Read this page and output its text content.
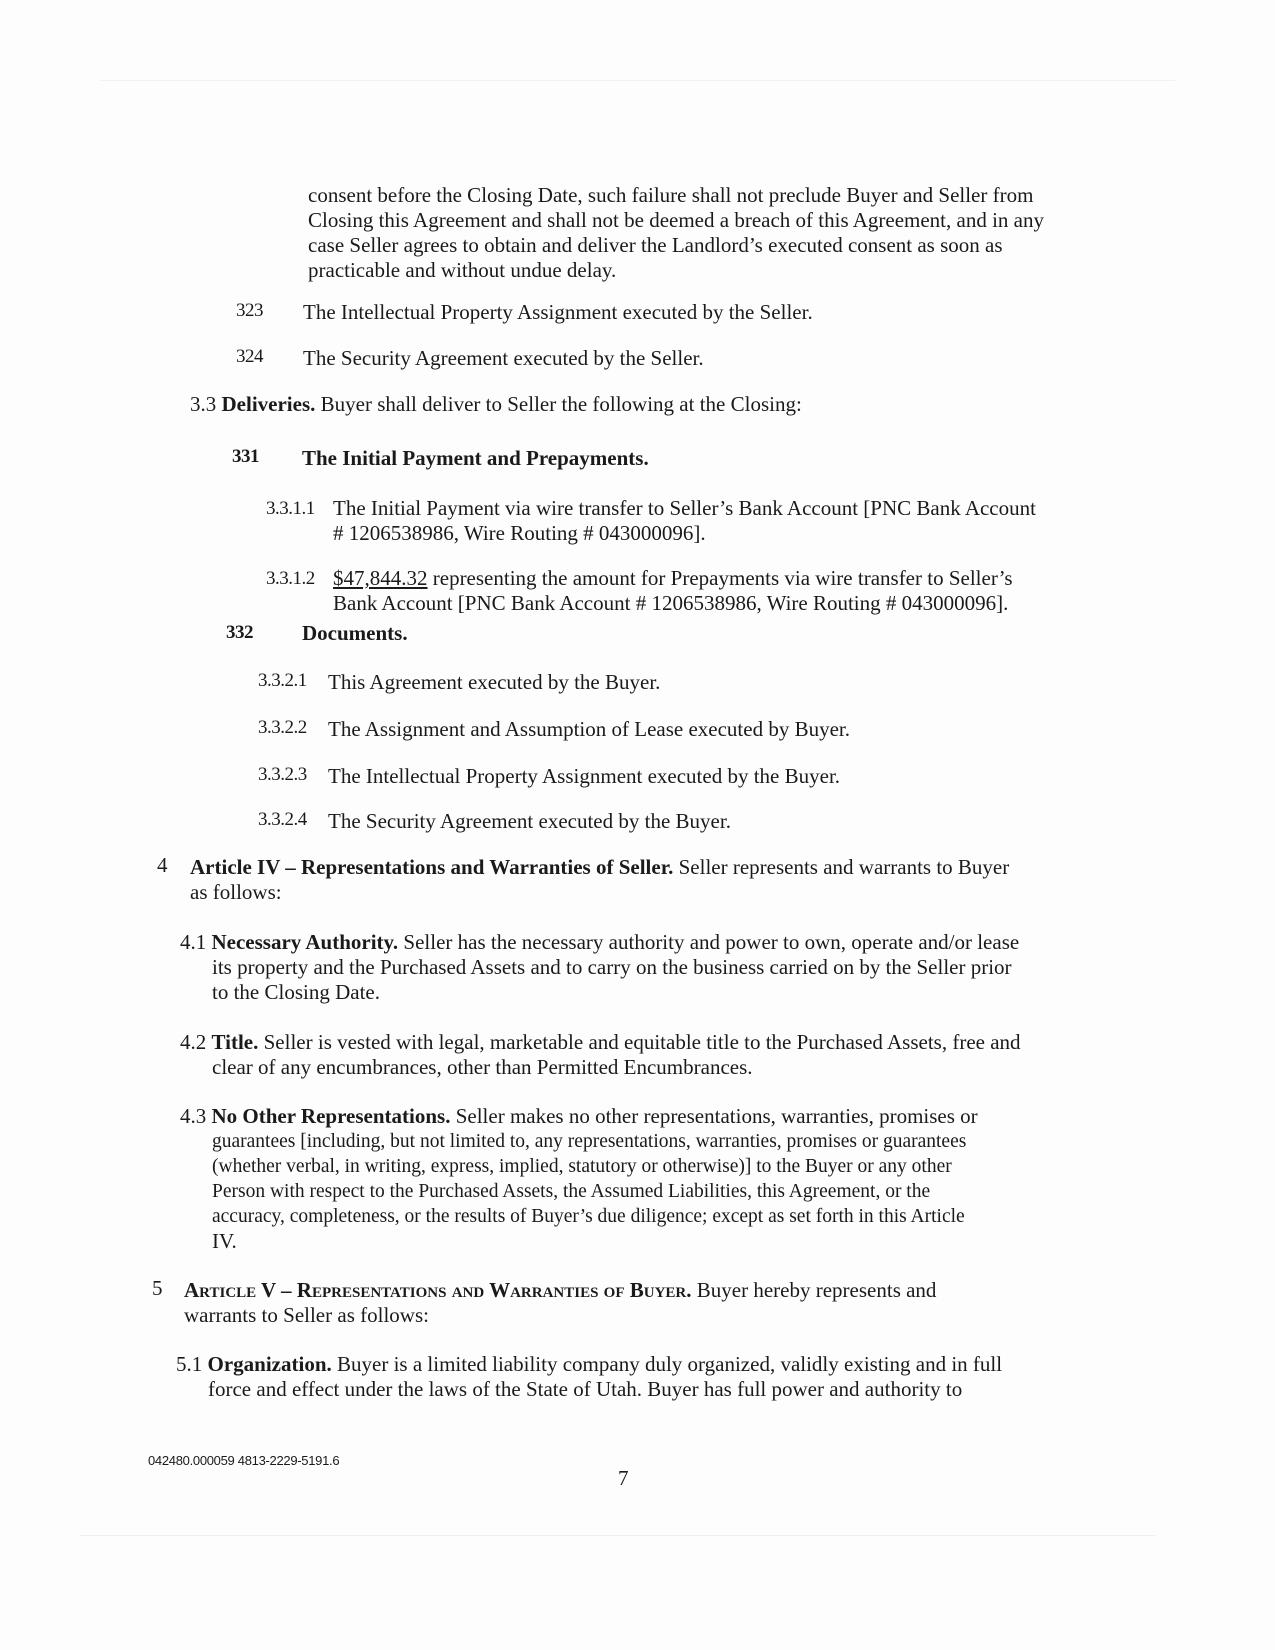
consent before the Closing Date, such failure shall not preclude Buyer and Seller from
Closing this Agreement and shall not be deemed a breach of this Agreement, and in any
case Seller agrees to obtain and deliver the Landlord’s executed consent as soon as
practicable and without undue delay.
323 The Intellectual Property Assignment executed by the Seller.
324 The Security Agreement executed by the Seller.
3.3 Deliveries. Buyer shall deliver to Seller the following at the Closing:
331 The Initial Payment and Prepayments.
3.3.1.1 The Initial Payment via wire transfer to Seller’s Bank Account [PNC Bank Account
# 1206538986, Wire Routing # 043000096].
3.3.1.2 $47,844.32 representing the amount for Prepayments via wire transfer to Seller’s
Bank Account [PNC Bank Account # 1206538986, Wire Routing # 043000096].
332 Documents.
3.3.2.1 This Agreement executed by the Buyer.
3.3.2.2 The Assignment and Assumption of Lease executed by Buyer.
3.3.2.3 The Intellectual Property Assignment executed by the Buyer.
3.3.2.4 The Security Agreement executed by the Buyer.
4 Article IV – Representations and Warranties of Seller. Seller represents and warrants to Buyer
as follows:
4.1 Necessary Authority. Seller has the necessary authority and power to own, operate and/or lease
its property and the Purchased Assets and to carry on the business carried on by the Seller prior
to the Closing Date.
4.2 Title. Seller is vested with legal, marketable and equitable title to the Purchased Assets, free and
clear of any encumbrances, other than Permitted Encumbrances.
4.3 No Other Representations. Seller makes no other representations, warranties, promises or
guarantees [including, but not limited to, any representations, warranties, promises or guarantees
(whether verbal, in writing, express, implied, statutory or otherwise)] to the Buyer or any other
Person with respect to the Purchased Assets, the Assumed Liabilities, this Agreement, or the
accuracy, completeness, or the results of Buyer’s due diligence; except as set forth in this Article
IV.
5 Article V – Representations and Warranties of Buyer. Buyer hereby represents and
warrants to Seller as follows:
5.1 Organization. Buyer is a limited liability company duly organized, validly existing and in full
force and effect under the laws of the State of Utah. Buyer has full power and authority to
042480.000059 4813-2229-5191.6
7
